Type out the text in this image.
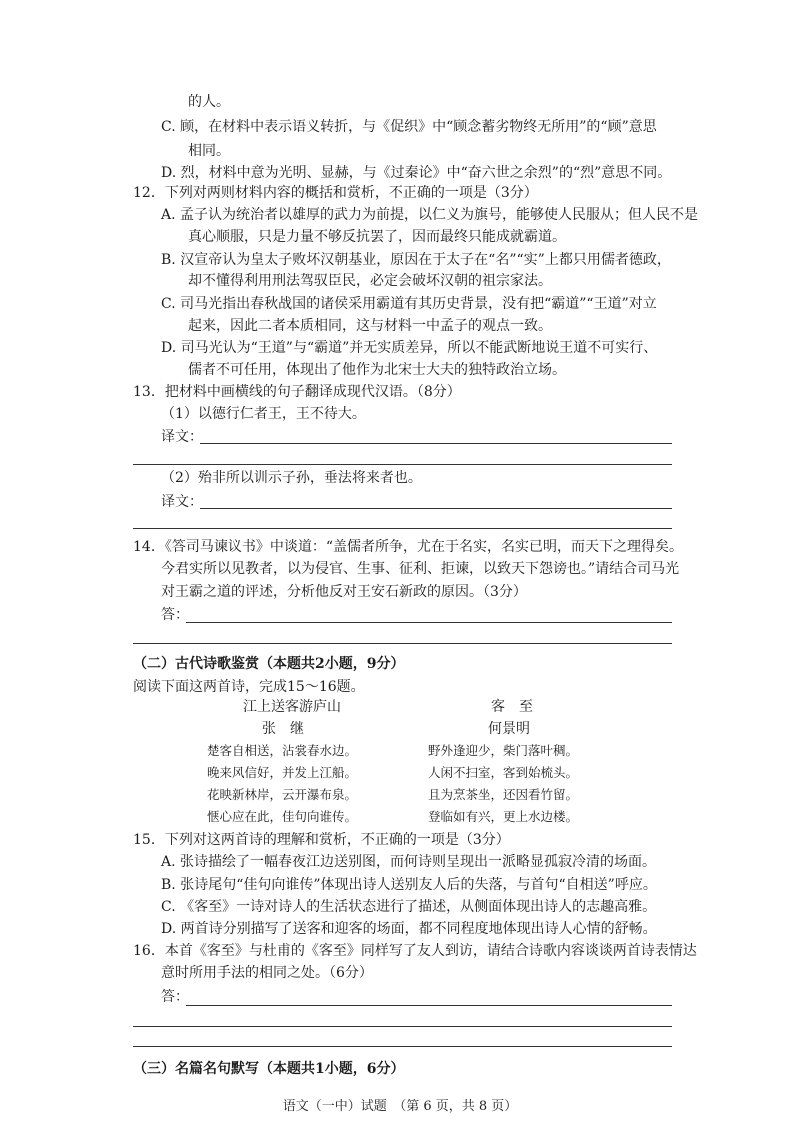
的人。
C. 顾，在材料中表示语义转折，与《促织》中“顾念蓄劣物终无所用”的“顾”意思
相同。
D. 烈，材料中意为光明、显赫，与《过秦论》中“奋六世之余烈”的“烈”意思不同。
12．下列对两则材料内容的概括和赏析，不正确的一项是（3分）
A. 孟子认为统治者以雄厚的武力为前提，以仁义为旗号，能够使人民服从；但人民不是
真心顺服，只是力量不够反抗罢了，因而最终只能成就霸道。
B. 汉宣帝认为皇太子败坏汉朝基业，原因在于太子在“名”“实”上都只用儒者德政，
却不懂得利用刑法驾驭臣民，必定会破坏汉朝的祖宗家法。
C. 司马光指出春秋战国的诸侯采用霸道有其历史背景，没有把“霸道”“王道”对立
起来，因此二者本质相同，这与材料一中孟子的观点一致。
D. 司马光认为“王道”与“霸道”并无实质差异，所以不能武断地说王道不可实行、
儒者不可任用，体现出了他作为北宋士大夫的独特政治立场。
13．把材料中画横线的句子翻译成现代汉语。（8分）
（1）以德行仁者王，王不待大。
译文：
（2）殆非所以训示子孙，垂法将来者也。
译文：
14．《答司马谏议书》中谈道：“盖儒者所争，尤在于名实，名实已明，而天下之理得矣。
今君实所以见教者，以为侵官、生事、征利、拒谏，以致天下怨谤也。”请结合司马光
对王霸之道的评述，分析他反对王安石新政的原因。（3分）
答：
（二）古代诗歌鉴赏（本题共2小题，9分）
阅读下面这两首诗，完成15～16题。
江上送客游庐山
张　继
楚客自相送，沾裳春水边。
晚来风信好，并发上江船。
花映新林岸，云开瀑布泉。
惬心应在此，佳句向谁传。
客　至
何景明
野外逢迎少，柴门落叶稠。
人闲不扫室，客到始梳头。
且为烹茶坐，还因看竹留。
登临如有兴，更上水边楼。
15．下列对这两首诗的理解和赏析，不正确的一项是（3分）
A. 张诗描绘了一幅春夜江边送别图，而何诗则呈现出一派略显孤寂冷清的场面。
B. 张诗尾句“佳句向谁传”体现出诗人送别友人后的失落，与首句“自相送”呼应。
C. 《客至》一诗对诗人的生活状态进行了描述，从侧面体现出诗人的志趣高雅。
D. 两首诗分别描写了送客和迎客的场面，都不同程度地体现出诗人心情的舒畅。
16．本首《客至》与杜甫的《客至》同样写了友人到访，请结合诗歌内容谈谈两首诗表情达
意时所用手法的相同之处。（6分）
答：
（三）名篇名句默写（本题共1小题，6分）
语文（一中）试题　（第 6 页，共 8 页）
